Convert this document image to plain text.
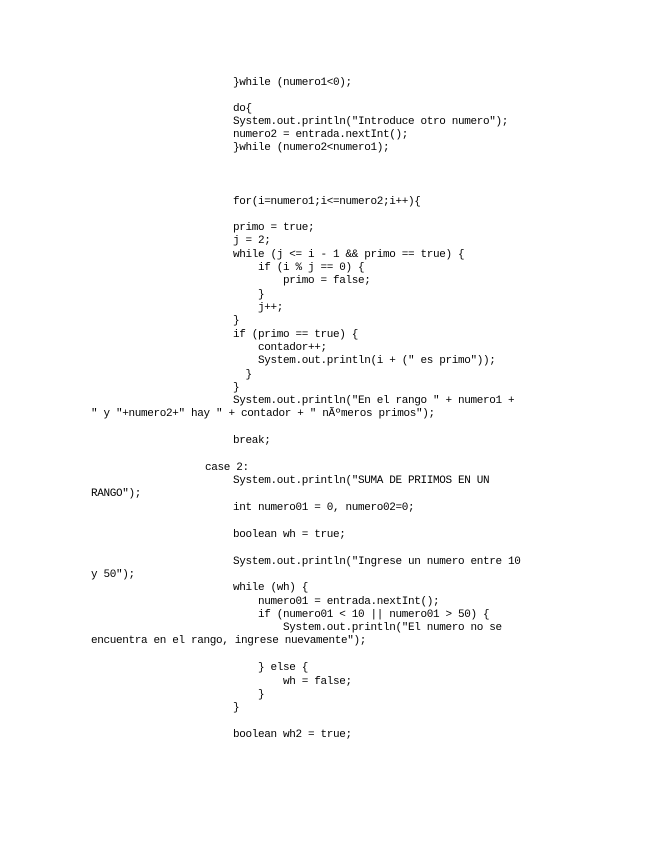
}while (numero1<0);
do{
System.out.println("Introduce otro numero");
numero2 = entrada.nextInt();
}while (numero2<numero1);
for(i=numero1;i<=numero2;i++){
primo = true;
j = 2;
while (j <= i - 1 && primo == true) {
if (i % j == 0) {
primo = false;
}
j++;
}
if (primo == true) {
contador++;
System.out.println(i + (" es primo"));
}
}
System.out.println("En el rango " + numero1 +
" y "+numero2+" hay " + contador + " nÃºmeros primos");
break;
case 2:
System.out.println("SUMA DE PRIIMOS EN UN
RANGO");
int numero01 = 0, numero02=0;
boolean wh = true;
System.out.println("Ingrese un numero entre 10
y 50");
while (wh) {
numero01 = entrada.nextInt();
if (numero01 < 10 || numero01 > 50) {
System.out.println("El numero no se
encuentra en el rango, ingrese nuevamente");
} else {
wh = false;
}
}
boolean wh2 = true;
